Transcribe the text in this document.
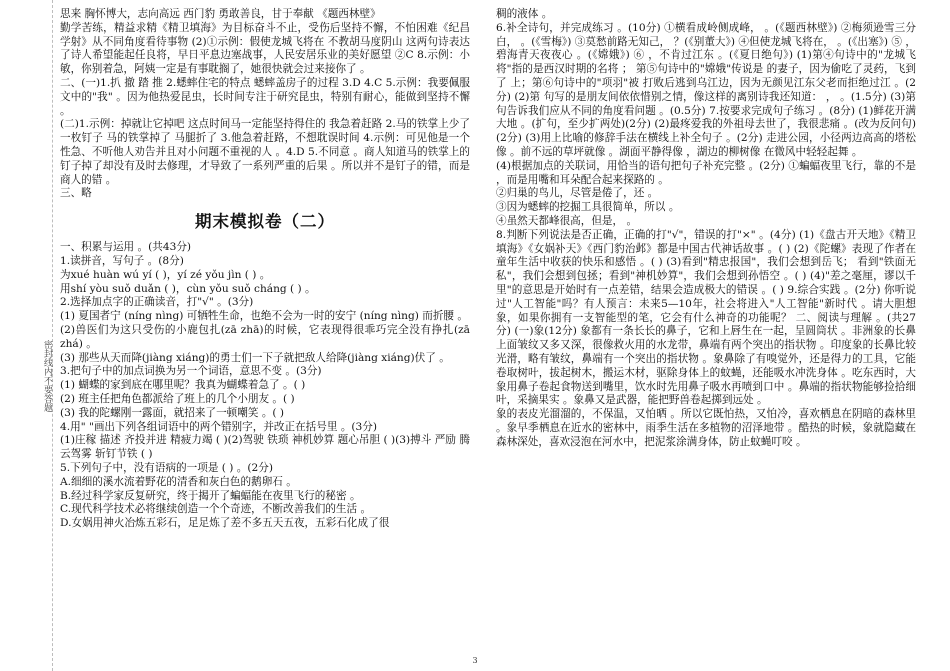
密封线内不要答题

思来 胸怀博大，志向高远 西门豹 勇敢善良，甘于奉献 《题西林壁》

勤学苦练，精益求精《精卫填海》为目标奋斗不止，受伤后坚持不懈，不怕困难《纪昌学射》从不同角度看待事物 (2)①示例：假使龙城飞将在 不教胡马度阴山 这两句诗表达了诗人希望能起任良将，早日平息边塞战事，人民安居乐业的美好愿望 ②C 8.示例：小敏，你别着急，阿姨一定是有事耽搁了，她很快就会过来接你了 。

二、(一)1.扒 撤 踏 推 2.蟋蟀住宅的特点 蟋蟀盖房子的过程 3.D 4.C 5.示例：我要佩服文中的"我" 。因为他热爱昆虫，长时间专注于研究昆虫，特别有耐心，能做到坚持不懈 。

(二)1.示例：掉就让它掉吧 这点时间马一定能坚持得住的 我急着赶路 2.马的铁掌上少了一枚钉子 马的铁掌掉了 马腿折了 3.他急着赶路，不想耽误时间 4.示例：可见他是一个性急、不听他人劝告并且对小问题不重视的人 。4.D 5.不同意 。商人知道马的铁掌上的钉子掉了却没有及时去修理，才导致了一系列严重的后果 。所以并不是钉子的错，而是商人的错 。

三、略

期末模拟卷（二）

一、积累与运用 。(共43分)

1.读拼音，写句子 。(8分)

为xué huàn wú yí ( )，yí zé yǒu jìn ( ) 。

用shí yòu suǒ duǎn ( )，cùn yǒu suǒ cháng ( ) 。

2.选择加点字的正确读音，打"√" 。(3分)

(1) 夏国者宁 (níng nìng) 可牺牲生命，也绝不会为一时的安宁 (níng nìng) 而折腰 。

(2)兽医们为这只受伤的小鹿包扎(zā zhā)的时候，它表现得很乖巧完全没有挣扎(zā zhá) 。

(3) 那些从天而降(jiàng xiáng)的勇士们一下子就把敌人给降(jiàng xiáng)伏了 。

3.把句子中的加点词换为另一个词语，意思不变 。(3分)

(1) 蝴蝶的家到底在哪里呢？我真为蝴蝶着急了 。( )

(2) 班主任把角色都派给了班上的几个小朋友 。( )

(3) 我的陀螺刚一露面，就招来了一顿嘲笑 。( )

4.用" "画出下列各组词语中的两个错别字，并改正在括号里 。(3分)

(1)庄稼 描述 齐投并进 精疲力竭 ( )(2)驾驶 铁琐 神机妙算 题心吊胆 ( )(3)搏斗 严励 腾云驾雾 斩钉节铁 ( )

5.下列句子中，没有语病的一项是 ( ) 。(2分)

A.细细的溪水流着野花的清香和灰白色的鹅卵石 。

B.经过科学家反复研究，终于揭开了蝙蝠能在夜里飞行的秘密 。

C.现代科学技术必将继续创造一个个奇迹，不断改善我们的生活 。

D.女娲用神火冶炼五彩石，足足炼了差不多五天五夜，五彩石化成了很

稠的液体 。

6.补全诗句，并完成练习 。(10分) ①横看成岭侧成峰， 。(《题西林壁》) ②梅须逊雪三分白， 。(《雪梅》) ③莫愁前路无知己， ？(《别董大》) ④但使龙城飞将在， 。(《出塞》) ⑤ ，碧海青天夜夜心 。(《嫦娥》) ⑥ ，不肯过江东 。(《夏日绝句》) (1)第④句诗中的"龙城飞将"指的是西汉时期的名将 ； 第⑤句诗中的"嫦娥"传说是 的妻子，因为偷吃了灵药，飞到了 上；第⑥句诗中的"项羽"被 打败后逃到乌江边，因为无颜见江东父老而拒绝过江 。(2分) (2)第 句写的是朋友间依依惜别之情，像这样的离别诗我还知道： ， 。(1.5分) (3)第 句告诉我们应从不同的角度看问题 。(0.5分) 7.按要求完成句子练习 。(8分) (1)鲜花开满大地 。(扩句，至少扩两处)(2分) (2)最疼爱我的外祖母去世了，我很悲痛 。(改为反问句) (2分) (3)用上比喻的修辞手法在横线上补全句子 。(2分) 走进公园，小径两边高高的塔松像 。前不远的草坪就像 。湖面平静得像 ，湖边的柳树像 在微风中轻轻起舞 。

(4)根据加点的关联词，用恰当的语句把句子补充完整 。(2分) ①蝙蝠夜里飞行，靠的不是 ，而是用嘴和耳朵配合起来探路的 。

②归巢的鸟儿，尽管是倦了，还 。

③因为蟋蟀的挖掘工具很简单，所以 。

④虽然天都峰很高，但是， 。

8.判断下列说法是否正确，正确的打"√"，错误的打"×" 。(4分) (1)《盘古开天地》《精卫填海》《女娲补天》《西门豹治邺》都是中国古代神话故事 。( ) (2)《陀螺》表现了作者在童年生活中收获的快乐和感悟 。( ) (3)看到"精忠报国"，我们会想到岳飞； 看到"铁面无私"，我们会想到包拯；看到"神机妙算"，我们会想到孙悟空 。( ) (4)"差之毫厘，谬以千里"的意思是开始时有一点差错，结果会造成极大的错误 。( ) 9.综合实践 。(2分) 你听说过"人工智能"吗？有人预言：未来5—10年，社会将进入"人工智能"新时代 。请大胆想象，如果你拥有一支智能型的笔，它会有什么神奇的功能呢？ 二、阅读与理解 。(共27分) (一)象(12分) 象都有一条长长的鼻子，它和上唇生在一起，呈圆筒状 。非洲象的长鼻上面皱纹又多又深，很像救火用的水龙带，鼻端有两个突出的指状物 。印度象的长鼻比较光滑，略有皱纹，鼻端有一个突出的指状物 。象鼻除了有嗅觉外，还是得力的工具，它能卷取树叶，拔起树木，搬运木材，驱除身体上的蚊蝇，还能吸水冲洗身体 。吃东西时，大象用鼻子卷起食物送到嘴里，饮水时先用鼻子吸水再喷到口中 。鼻端的指状物能够捡拾细叶，采摘果实 。象鼻又是武器，能把野兽卷起掷到远处 。

象的表皮光溜溜的，不保温，又怕晒 。所以它既怕热，又怕冷，喜欢栖息在阴暗的森林里 。象早季栖息在近水的密林中，雨季生活在多植物的沼泽地带 。酷热的时候，象就隐藏在森林深处，喜欢浸泡在河水中，把泥浆涂满身体，防止蚊蝇叮咬 。

3
